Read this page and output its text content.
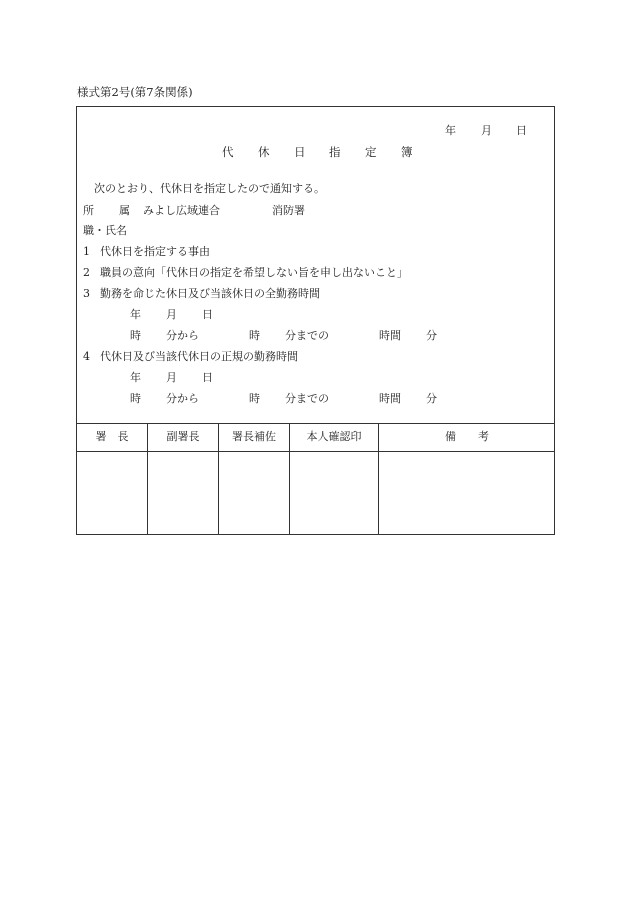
様式第2号(第7条関係)
年 月 日
代 休 日 指 定 簿
次のとおり、代休日を指定したので通知する。
所 属 みよし広域連合	消防署
職・氏名
1 代休日を指定する事由
2 職員の意向「代休日の指定を希望しない旨を申し出ないこと」
3 勤務を命じた休日及び当該休日の全勤務時間
年 月 日
時 分から	時 分までの	時間 分
4 代休日及び当該代休日の正規の勤務時間
年 月 日
時 分から	時 分までの	時間 分
署　長	副署長	署長補佐	本人確認印	備　　考
